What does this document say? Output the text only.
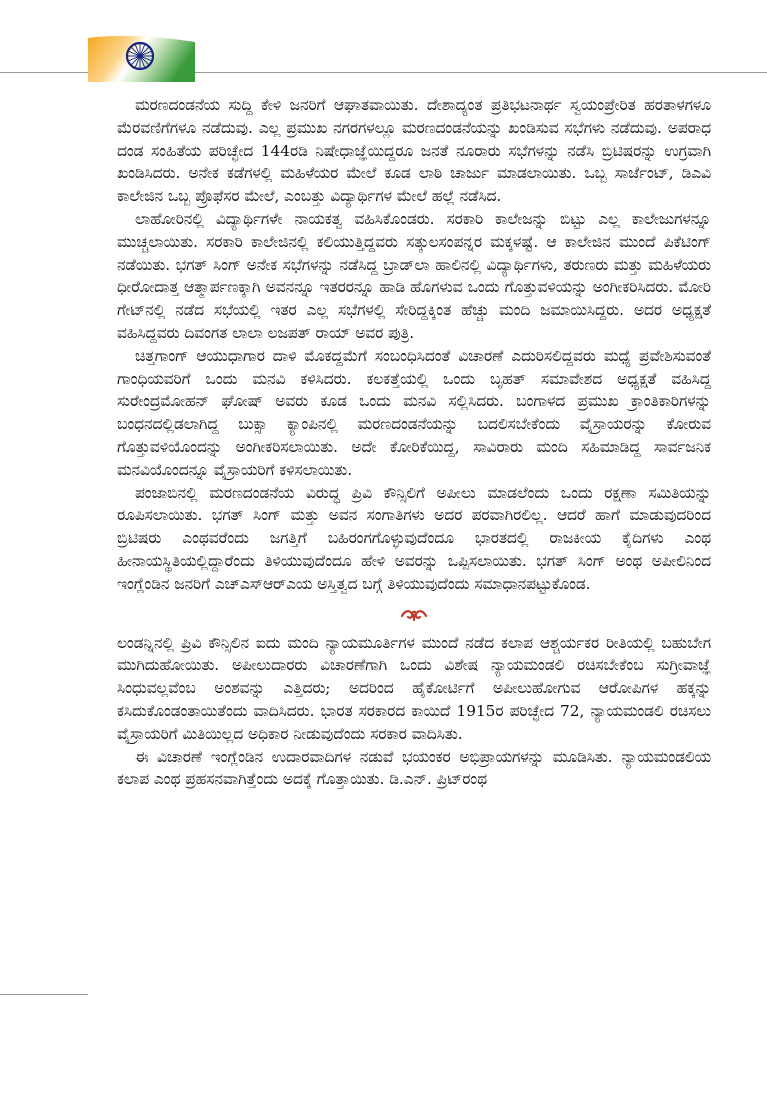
ಮರಣದಂಡನೆಯ ಸುದ್ದಿ ಕೇಳಿ ಜನರಿಗೆ ಆಘಾತವಾಯಿತು. ದೇಶಾದ್ಯಂತ ಪ್ರತಿಭಟನಾರ್ಥ ಸ್ವಯಂಪ್ರೇರಿತ ಹರತಾಳಗಳೂ ಮೆರವಣಿಗೆಗಳೂ ನಡೆದುವು. ಎಲ್ಲ ಪ್ರಮುಖ ನಗರಗಳಲ್ಲೂ ಮರಣದಂಡನೆಯನ್ನು ಖಂಡಿಸುವ ಸಭೆಗಳು ನಡೆದುವು. ಅಪರಾಧ ದಂಡ ಸಂಹಿತೆಯ ಪರಿಚ್ಛೇದ 144ರಡಿ ನಿಷೇಧಾಜ್ಞೆಯಿದ್ದರೂ ಜನತೆ ನೂರಾರು ಸಭೆಗಳನ್ನು ನಡೆಸಿ ಬ್ರಿಟಿಷರನ್ನು ಉಗ್ರವಾಗಿ ಖಂಡಿಸಿದರು. ಅನೇಕ ಕಡೆಗಳಲ್ಲಿ ಮಹಿಳೆಯರ ಮೇಲೆ ಕೂಡ ಲಾಠಿ ಚಾರ್ಜು ಮಾಡಲಾಯಿತು. ಒಬ್ಬ ಸಾರ್ಜೆಂಟ್, ಡಿಎವಿ ಕಾಲೇಜಿನ ಒಬ್ಬ ಪ್ರೊಫೆಸರ ಮೇಲೆ, ಎಂಬತ್ತು ವಿದ್ಯಾರ್ಥಿಗಳ ಮೇಲೆ ಹಲ್ಲೆ ನಡೆಸಿದ.

ಲಾಹೋರಿನಲ್ಲಿ ವಿದ್ಯಾರ್ಥಿಗಳೇ ನಾಯಕತ್ವ ವಹಿಸಿಕೊಂಡರು. ಸರಕಾರಿ ಕಾಲೇಜನ್ನು ಬಿಟ್ಟು ಎಲ್ಲ ಕಾಲೇಜುಗಳನ್ನೂ ಮುಚ್ಚಲಾಯಿತು. ಸರಕಾರಿ ಕಾಲೇಜಿನಲ್ಲಿ ಕಲಿಯುತ್ತಿದ್ದವರು ಸತ್ಕುಲಸಂಪನ್ನರ ಮಕ್ಕಳಷ್ಟೆ. ಆ ಕಾಲೇಜಿನ ಮುಂದೆ ಪಿಕೆಟಿಂಗ್ ನಡೆಯಿತು. ಭಗತ್ ಸಿಂಗ್ ಅನೇಕ ಸಭೆಗಳನ್ನು ನಡೆಸಿದ್ದ ಬ್ರಾಡ್‌ಲಾ ಹಾಲಿನಲ್ಲಿ ವಿದ್ಯಾರ್ಥಿಗಳು, ತರುಣರು ಮತ್ತು ಮಹಿಳೆಯರು ಧೀರೋದಾತ್ತ ಆತ್ಮಾರ್ಪಣಕ್ಕಾಗಿ ಅವನನ್ನೂ ಇತರರನ್ನೂ ಹಾಡಿ ಹೊಗಳುವ ಒಂದು ಗೊತ್ತುವಳಿಯನ್ನು ಅಂಗೀಕರಿಸಿದರು. ಮೋರಿ ಗೇಟ್‌ನಲ್ಲಿ ನಡೆದ ಸಭೆಯಲ್ಲಿ ಇತರ ಎಲ್ಲ ಸಭೆಗಳಲ್ಲಿ ಸೇರಿದ್ದಕ್ಕಿಂತ ಹೆಚ್ಚು ಮಂದಿ ಜಮಾಯಿಸಿದ್ದರು. ಅದರ ಅಧ್ಯಕ್ಷತೆ ವಹಿಸಿದ್ದವರು ದಿವಂಗತ ಲಾಲಾ ಲಜಪತ್ ರಾಯ್ ಅವರ ಪುತ್ರಿ.

ಚಿತ್ತಗಾಂಗ್ ಆಯುಧಾಗಾರ ದಾಳಿ ಮೊಕದ್ದಮೆಗೆ ಸಂಬಂಧಿಸಿದಂತೆ ವಿಚಾರಣೆ ಎದುರಿಸಲಿದ್ದವರು ಮಧ್ಯೆ ಪ್ರವೇಶಿಸುವಂತೆ ಗಾಂಧಿಯವರಿಗೆ ಒಂದು ಮನವಿ ಕಳಿಸಿದರು. ಕಲಕತ್ತೆಯಲ್ಲಿ ಒಂದು ಬೃಹತ್ ಸಮಾವೇಶದ ಅಧ್ಯಕ್ಷತೆ ವಹಿಸಿದ್ದ ಸುರೇಂದ್ರಮೋಹನ್ ಘೋಷ್ ಅವರು ಕೂಡ ಒಂದು ಮನವಿ ಸಲ್ಲಿಸಿದರು. ಬಂಗಾಳದ ಪ್ರಮುಖ ಕ್ರಾಂತಿಕಾರಿಗಳನ್ನು ಬಂಧನದಲ್ಲಿಡಲಾಗಿದ್ದ ಬುಕ್ಸಾ ಕ್ಯಾಂಪಿನಲ್ಲಿ ಮರಣದಂಡನೆಯನ್ನು ಬದಲಿಸಬೇಕೆಂದು ವೈಸ್ರಾಯರನ್ನು ಕೋರುವ ಗೊತ್ತುವಳಿಯೊಂದನ್ನು ಅಂಗೀಕರಿಸಲಾಯಿತು. ಅದೇ ಕೋರಿಕೆಯಿದ್ದ, ಸಾವಿರಾರು ಮಂದಿ ಸಹಿಮಾಡಿದ್ದ ಸಾರ್ವಜನಿಕ ಮನವಿಯೊಂದನ್ನೂ ವೈಸ್ರಾಯರಿಗೆ ಕಳಿಸಲಾಯಿತು.

ಪಂಜಾಬಿನಲ್ಲಿ ಮರಣದಂಡನೆಯ ವಿರುದ್ಧ ಪ್ರಿವಿ ಕೌನ್ಸಿಲಿಗೆ ಅಪೀಲು ಮಾಡಲೆಂದು ಒಂದು ರಕ್ಷಣಾ ಸಮಿತಿಯನ್ನು ರೂಪಿಸಲಾಯಿತು. ಭಗತ್ ಸಿಂಗ್ ಮತ್ತು ಅವನ ಸಂಗಾತಿಗಳು ಅದರ ಪರವಾಗಿರಲಿಲ್ಲ. ಆದರೆ ಹಾಗೆ ಮಾಡುವುದರಿಂದ ಬ್ರಿಟಿಷರು ಎಂಥವರೆಂದು ಜಗತ್ತಿಗೆ ಬಹಿರಂಗಗೊಳ್ಳುವುದೆಂದೂ ಭಾರತದಲ್ಲಿ ರಾಜಕೀಯ ಕೈದಿಗಳು ಎಂಥ ಹೀನಾಯಸ್ಥಿತಿಯಲ್ಲಿದ್ದಾರೆಂದು ತಿಳಿಯುವುದೆಂದೂ ಹೇಳಿ ಅವರನ್ನು ಒಪ್ಪಿಸಲಾಯಿತು. ಭಗತ್ ಸಿಂಗ್ ಅಂಥ ಅಪೀಲಿನಿಂದ ಇಂಗ್ಲೆಂಡಿನ ಜನರಿಗೆ ಎಚ್‌ಎಸ್‌ಆರ್‌ಎಯ ಅಸ್ತಿತ್ವದ ಬಗ್ಗೆ ತಿಳಿಯುವುದೆಂದು ಸಮಾಧಾನಪಟ್ಟುಕೊಂಡ.

ಲಂಡನ್ನಿನಲ್ಲಿ ಪ್ರಿವಿ ಕೌನ್ಸಿಲಿನ ಐದು ಮಂದಿ ನ್ಯಾಯಮೂರ್ತಿಗಳ ಮುಂದೆ ನಡೆದ ಕಲಾಪ ಆಶ್ಚರ್ಯಕರ ರೀತಿಯಲ್ಲಿ ಬಹುಬೇಗ ಮುಗಿದುಹೋಯಿತು. ಅಪೀಲುದಾರರು ವಿಚಾರಣೆಗಾಗಿ ಒಂದು ವಿಶೇಷ ನ್ಯಾಯಮಂಡಲಿ ರಚಿಸಬೇಕೆಂಬ ಸುಗ್ರೀವಾಜ್ಞೆ ಸಿಂಧುವಲ್ಲವೆಂಬ ಅಂಶವನ್ನು ಎತ್ತಿದರು; ಅದರಿಂದ ಹೈಕೋರ್ಟಿಗೆ ಅಪೀಲುಹೋಗುವ ಆರೋಪಿಗಳ ಹಕ್ಕನ್ನು ಕಸಿದುಕೊಂಡಂತಾಯಿತೆಂದು ವಾದಿಸಿದರು. ಭಾರತ ಸರಕಾರದ ಕಾಯಿದೆ 1915ರ ಪರಿಚ್ಛೇದ 72, ನ್ಯಾಯಮಂಡಲಿ ರಚಿಸಲು ವೈಸ್ರಾಯರಿಗೆ ಮಿತಿಯಿಲ್ಲದ ಅಧಿಕಾರ ನೀಡುವುದೆಂದು ಸರಕಾರ ವಾದಿಸಿತು.

ಈ ವಿಚಾರಣೆ ಇಂಗ್ಲೆಂಡಿನ ಉದಾರವಾದಿಗಳ ನಡುವೆ ಭಯಂಕರ ಅಭಿಪ್ರಾಯಗಳನ್ನು ಮೂಡಿಸಿತು. ನ್ಯಾಯಮಂಡಲಿಯ ಕಲಾಪ ಎಂಥ ಪ್ರಹಸನವಾಗಿತ್ತೆಂದು ಅದಕ್ಕೆ ಗೊತ್ತಾಯಿತು. ಡಿ.ಎನ್. ಪ್ರಿಟ್‌ರಂಥ
